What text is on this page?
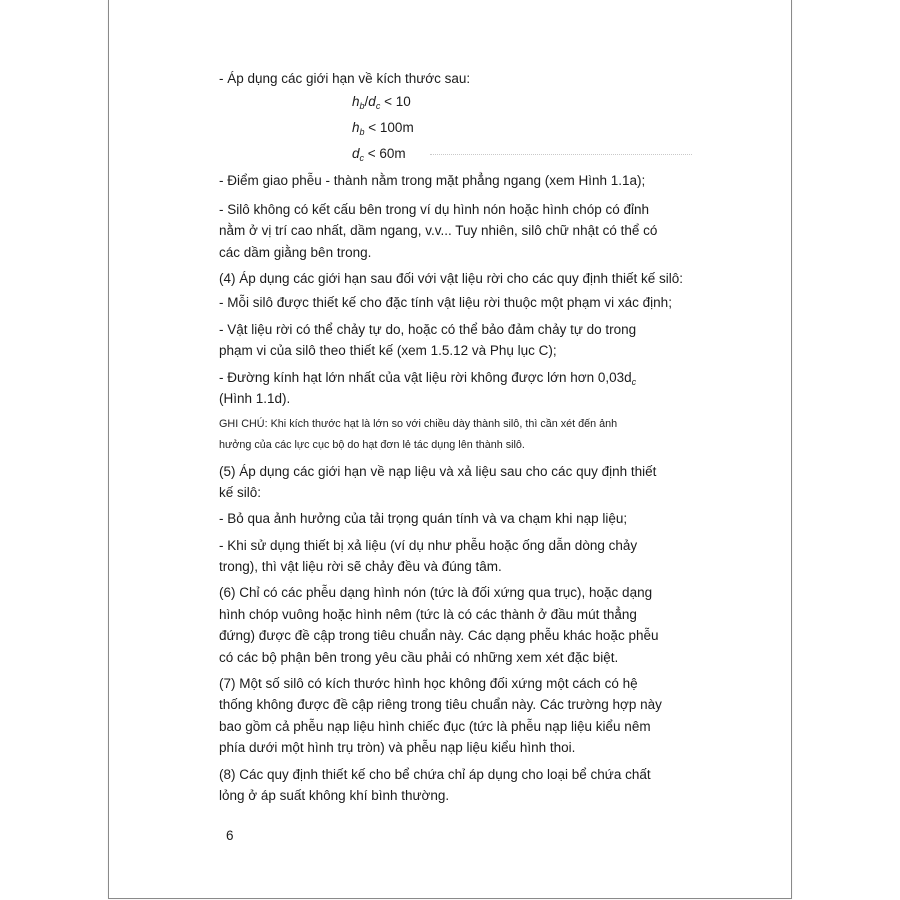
- Áp dụng các giới hạn về kích thước sau:
$h_b/d_c < 10$
$h_b < 100m$
$d_c < 60m$
- Điểm giao phễu - thành nằm trong mặt phẳng ngang (xem Hình 1.1a);
- Silô không có kết cấu bên trong ví dụ hình nón hoặc hình chóp có đỉnh
nằm ở vị trí cao nhất, dầm ngang, v.v... Tuy nhiên, silô chữ nhật có thể có
các dầm giằng bên trong.
(4) Áp dụng các giới hạn sau đối với vật liệu rời cho các quy định thiết kế silô:
- Mỗi silô được thiết kế cho đặc tính vật liệu rời thuộc một phạm vi xác định;
- Vật liệu rời có thể chảy tự do, hoặc có thể bảo đảm chảy tự do trong
phạm vi của silô theo thiết kế (xem 1.5.12 và Phụ lục C);
- Đường kính hạt lớn nhất của vật liệu rời không được lớn hơn $0,03d_c$
(Hình 1.1d).
GHI CHÚ: Khi kích thước hạt là lớn so với chiều dày thành silô, thì cần xét đến ảnh
hưởng của các lực cục bộ do hạt đơn lẻ tác dụng lên thành silô.
(5) Áp dụng các giới hạn về nạp liệu và xả liệu sau cho các quy định thiết
kế silô:
- Bỏ qua ảnh hưởng của tải trọng quán tính và va chạm khi nạp liệu;
- Khi sử dụng thiết bị xả liệu (ví dụ như phễu hoặc ống dẫn dòng chảy
trong), thì vật liệu rời sẽ chảy đều và đúng tâm.
(6) Chỉ có các phễu dạng hình nón (tức là đối xứng qua trục), hoặc dạng
hình chóp vuông hoặc hình nêm (tức là có các thành ở đầu mút thẳng
đứng) được đề cập trong tiêu chuẩn này. Các dạng phễu khác hoặc phễu
có các bộ phận bên trong yêu cầu phải có những xem xét đặc biệt.
(7) Một số silô có kích thước hình học không đối xứng một cách có hệ
thống không được đề cập riêng trong tiêu chuẩn này. Các trường hợp này
bao gồm cả phễu nạp liệu hình chiếc đục (tức là phễu nạp liệu kiểu nêm
phía dưới một hình trụ tròn) và phễu nạp liệu kiểu hình thoi.
(8) Các quy định thiết kế cho bể chứa chỉ áp dụng cho loại bể chứa chất
lỏng ở áp suất không khí bình thường.
6
